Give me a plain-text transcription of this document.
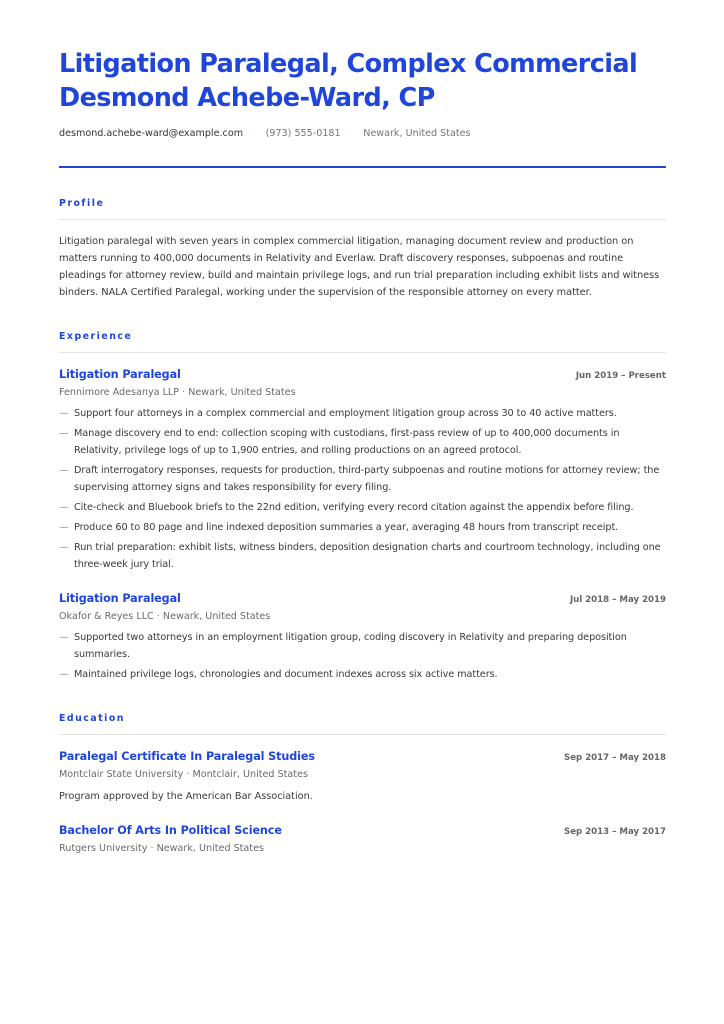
Litigation Paralegal, Complex Commercial Desmond Achebe-Ward, CP
desmond.achebe-ward@example.com · (973) 555-0181 · Newark, United States
Profile
Litigation paralegal with seven years in complex commercial litigation, managing document review and production on matters running to 400,000 documents in Relativity and Everlaw. Draft discovery responses, subpoenas and routine pleadings for attorney review, build and maintain privilege logs, and run trial preparation including exhibit lists and witness binders. NALA Certified Paralegal, working under the supervision of the responsible attorney on every matter.
Experience
Litigation Paralegal	Jun 2019 – Present
Fennimore Adesanya LLP · Newark, United States
— Support four attorneys in a complex commercial and employment litigation group across 30 to 40 active matters.
— Manage discovery end to end: collection scoping with custodians, first-pass review of up to 400,000 documents in Relativity, privilege logs of up to 1,900 entries, and rolling productions on an agreed protocol.
— Draft interrogatory responses, requests for production, third-party subpoenas and routine motions for attorney review; the supervising attorney signs and takes responsibility for every filing.
— Cite-check and Bluebook briefs to the 22nd edition, verifying every record citation against the appendix before filing.
— Produce 60 to 80 page and line indexed deposition summaries a year, averaging 48 hours from transcript receipt.
— Run trial preparation: exhibit lists, witness binders, deposition designation charts and courtroom technology, including one three-week jury trial.
Litigation Paralegal	Jul 2018 – May 2019
Okafor & Reyes LLC · Newark, United States
— Supported two attorneys in an employment litigation group, coding discovery in Relativity and preparing deposition summaries.
— Maintained privilege logs, chronologies and document indexes across six active matters.
Education
Paralegal Certificate In Paralegal Studies	Sep 2017 – May 2018
Montclair State University · Montclair, United States
Program approved by the American Bar Association.
Bachelor Of Arts In Political Science	Sep 2013 – May 2017
Rutgers University · Newark, United States
